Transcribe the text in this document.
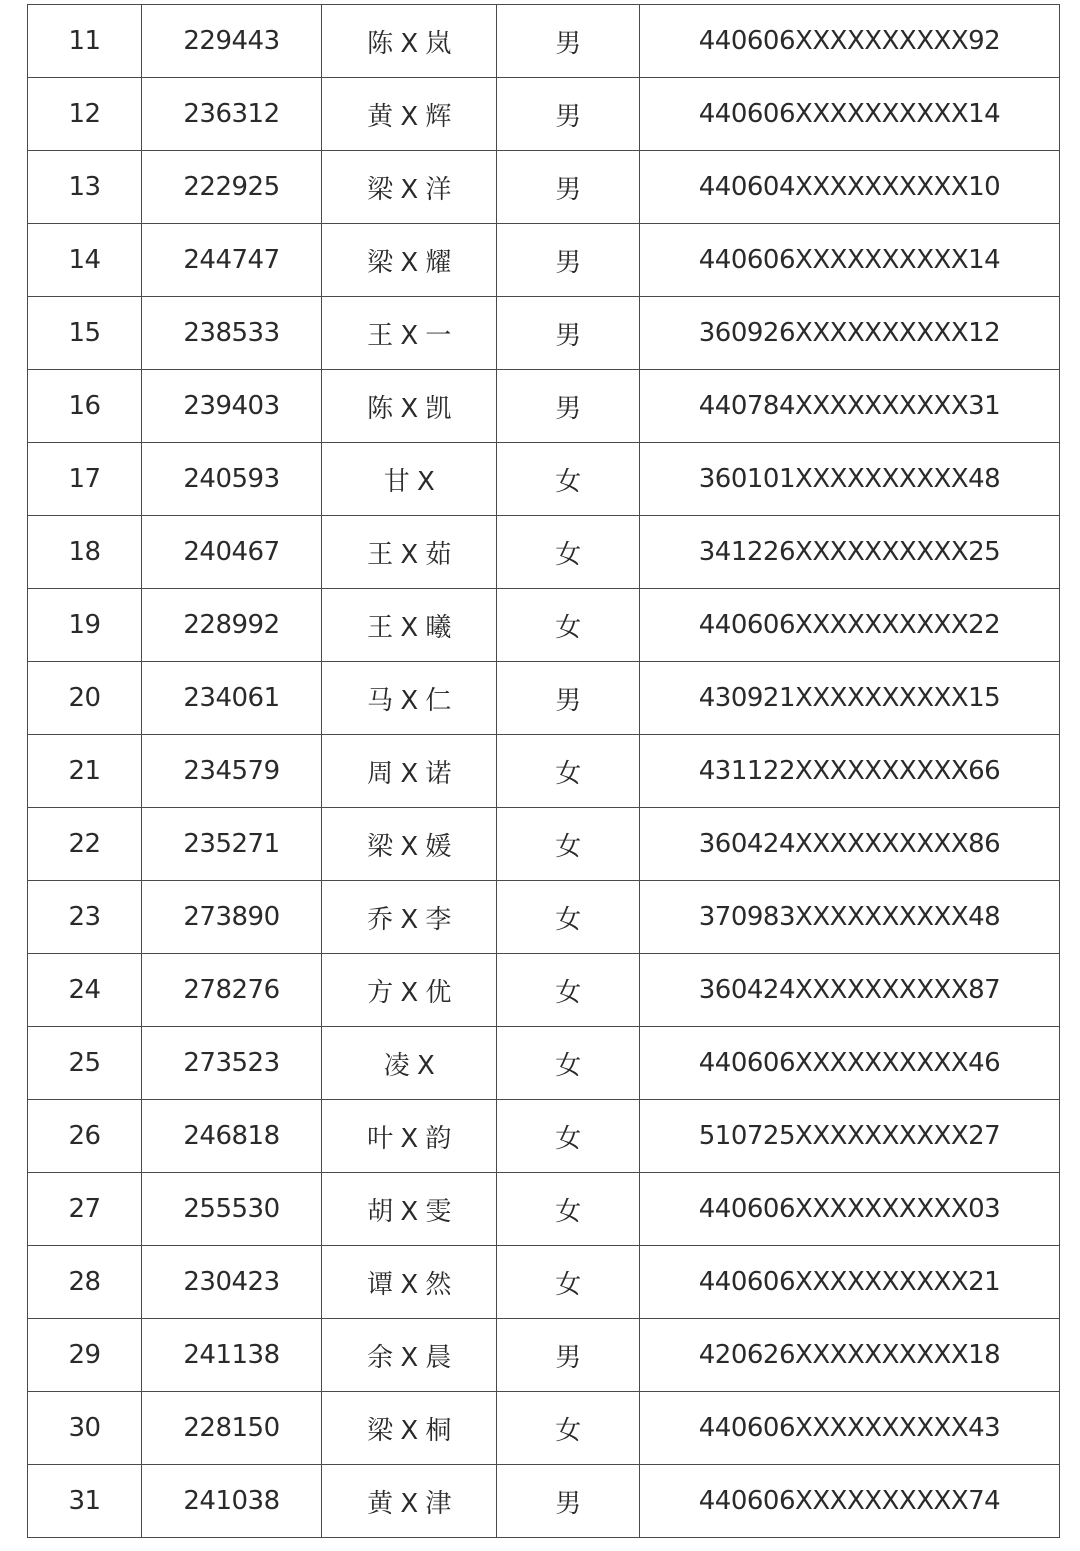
11	229443	陈 X 岚	男	440606XXXXXXXXXX92
12	236312	黄 X 辉	男	440606XXXXXXXXXX14
13	222925	梁 X 洋	男	440604XXXXXXXXXX10
14	244747	梁 X 耀	男	440606XXXXXXXXXX14
15	238533	王 X 一	男	360926XXXXXXXXXX12
16	239403	陈 X 凯	男	440784XXXXXXXXXX31
17	240593	甘 X	女	360101XXXXXXXXXX48
18	240467	王 X 茹	女	341226XXXXXXXXXX25
19	228992	王 X 曦	女	440606XXXXXXXXXX22
20	234061	马 X 仁	男	430921XXXXXXXXXX15
21	234579	周 X 诺	女	431122XXXXXXXXXX66
22	235271	梁 X 媛	女	360424XXXXXXXXXX86
23	273890	乔 X 李	女	370983XXXXXXXXXX48
24	278276	方 X 优	女	360424XXXXXXXXXX87
25	273523	凌 X	女	440606XXXXXXXXXX46
26	246818	叶 X 韵	女	510725XXXXXXXXXX27
27	255530	胡 X 雯	女	440606XXXXXXXXXX03
28	230423	谭 X 然	女	440606XXXXXXXXXX21
29	241138	余 X 晨	男	420626XXXXXXXXXX18
30	228150	梁 X 桐	女	440606XXXXXXXXXX43
31	241038	黄 X 津	男	440606XXXXXXXXXX74
